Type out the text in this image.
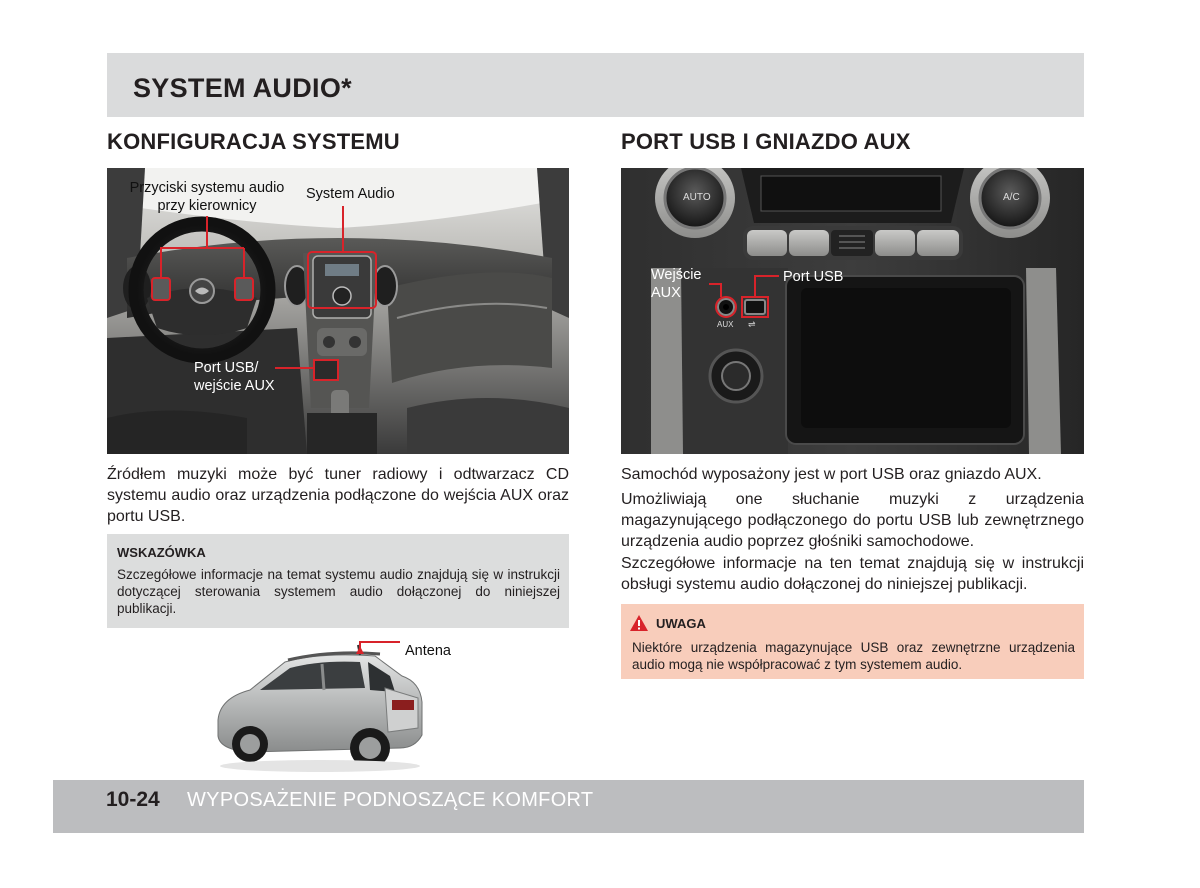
SYSTEM AUDIO*
KONFIGURACJA SYSTEMU	PORT USB I GNIAZDO AUX
Przyciski systemu audio
przy kierownicy
System Audio
Port USB/
wejście AUX
AUTO	A/C
AUX ⇌
Wejście
AUX
Port USB

Źródłem muzyki może być tuner radiowy i odtwarzacz CD systemu audio oraz urządzenia podłączone do wejścia AUX oraz portu USB.

WSKAZÓWKA

Szczegółowe informacje na temat systemu audio znajdują się w instrukcji dotyczącej sterowania systemem audio dołączonej do niniejszej publikacji.

Antena

Samochód wyposażony jest w port USB oraz gniazdo AUX.

Umożliwiają one słuchanie muzyki z urządzenia magazynującego podłączonego do portu USB lub zewnętrznego urządzenia audio poprzez głośniki samochodowe.

Szczegółowe informacje na ten temat znajdują się w instrukcji obsługi systemu audio dołączonej do niniejszej publikacji.

UWAGA

Niektóre urządzenia magazynujące USB oraz zewnętrzne urządzenia audio mogą nie współpracować z tym systemem audio.

10-24 WYPOSAŻENIE PODNOSZĄCE KOMFORT
